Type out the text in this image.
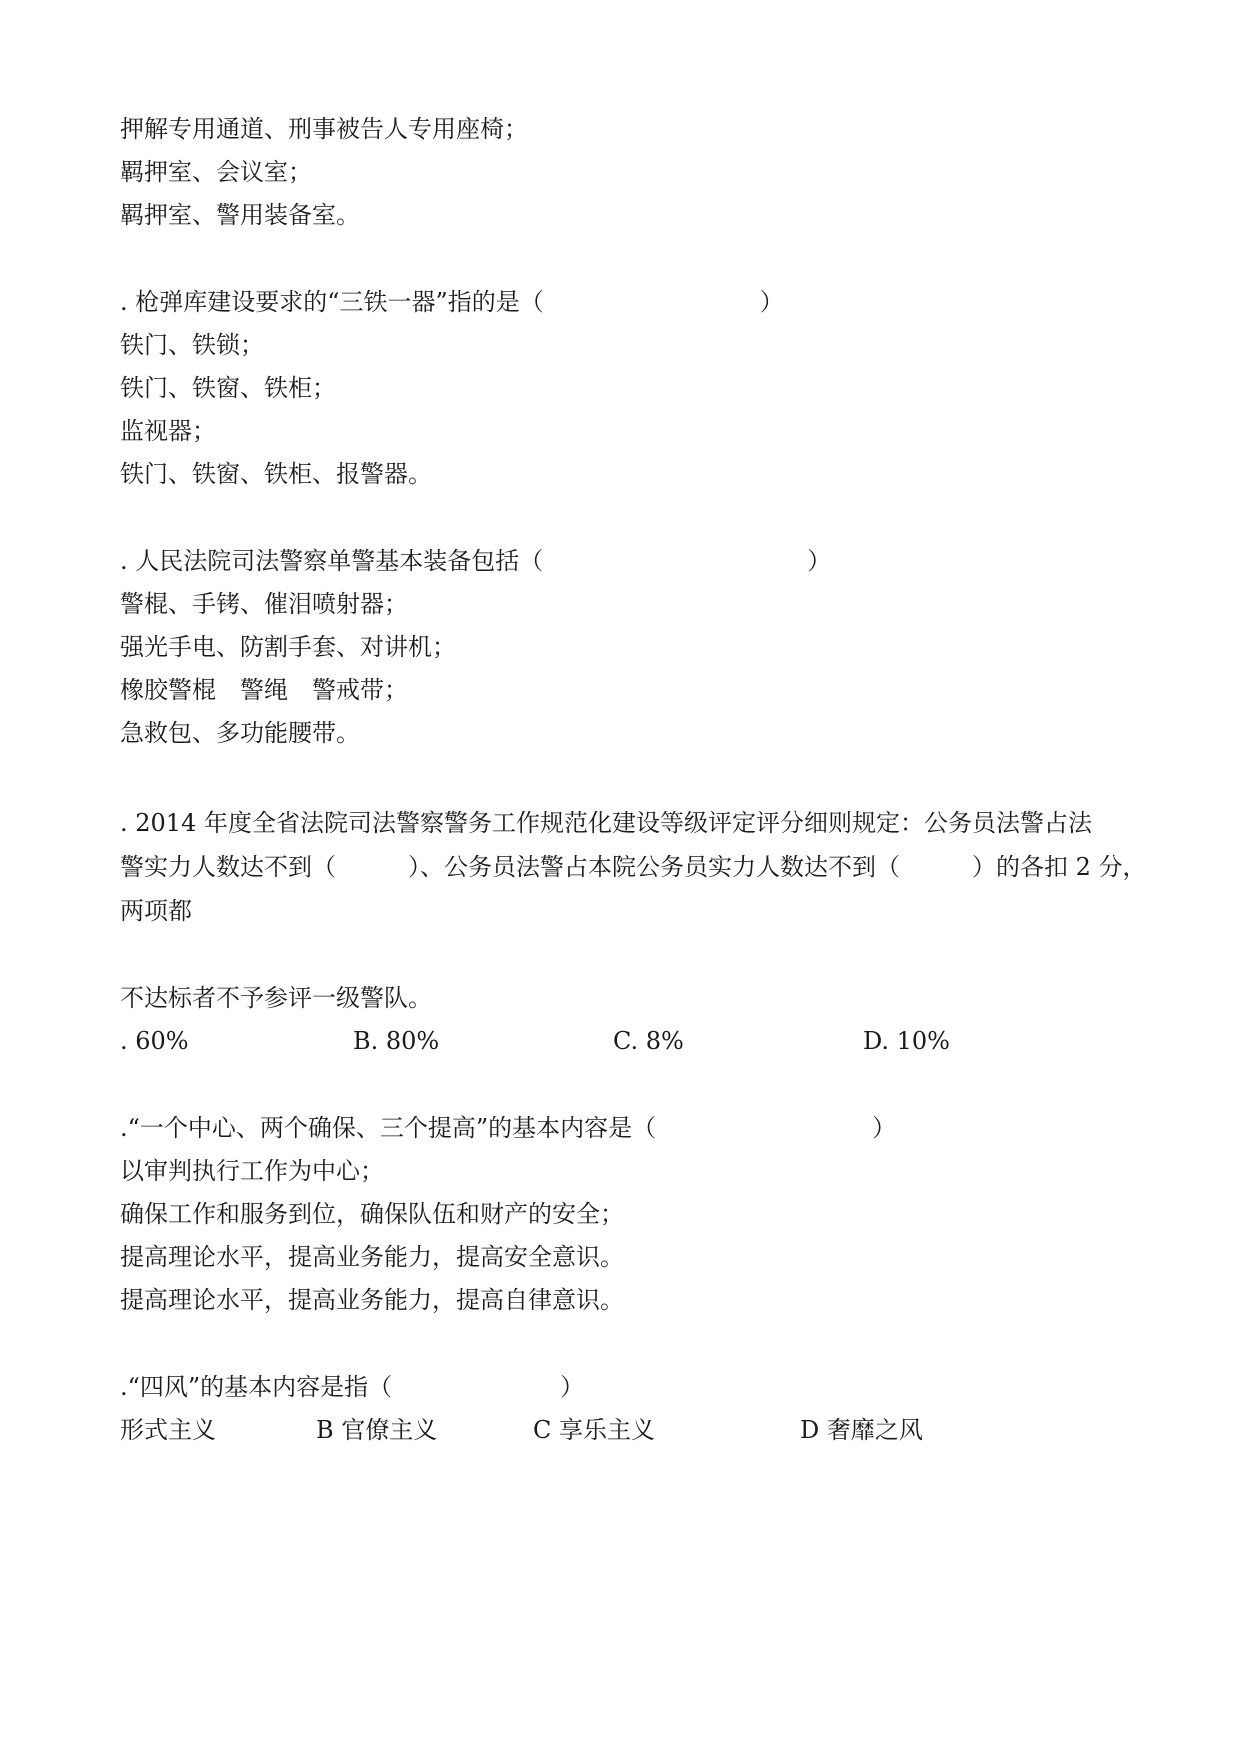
押解专用通道、刑事被告人专用座椅；
羁押室、会议室；
羁押室、警用装备室。
. 枪弹库建设要求的“三铁一器”指的是（　　　　　　　　　）
铁门、铁锁；
铁门、铁窗、铁柜；
监视器；
铁门、铁窗、铁柜、报警器。
. 人民法院司法警察单警基本装备包括（　　　　　　　　　　　）
警棍、手铐、催泪喷射器；
强光手电、防割手套、对讲机；
橡胶警棍　警绳　警戒带；
急救包、多功能腰带。
. 2014 年度全省法院司法警察警务工作规范化建设等级评定评分细则规定：公务员法警占法
警实力人数达不到（　　　）、公务员法警占本院公务员实力人数达不到（　　　）的各扣 2 分，
两项都
不达标者不予参评一级警队。
. 60%	B. 80%	C. 8%	D. 10%
.“一个中心、两个确保、三个提高”的基本内容是（　　　　　　　　　）
以审判执行工作为中心；
确保工作和服务到位，确保队伍和财产的安全；
提高理论水平，提高业务能力，提高安全意识。
提高理论水平，提高业务能力，提高自律意识。
.“四风”的基本内容是指（　　　　　　　）
形式主义	B 官僚主义	C 享乐主义	D 奢靡之风
